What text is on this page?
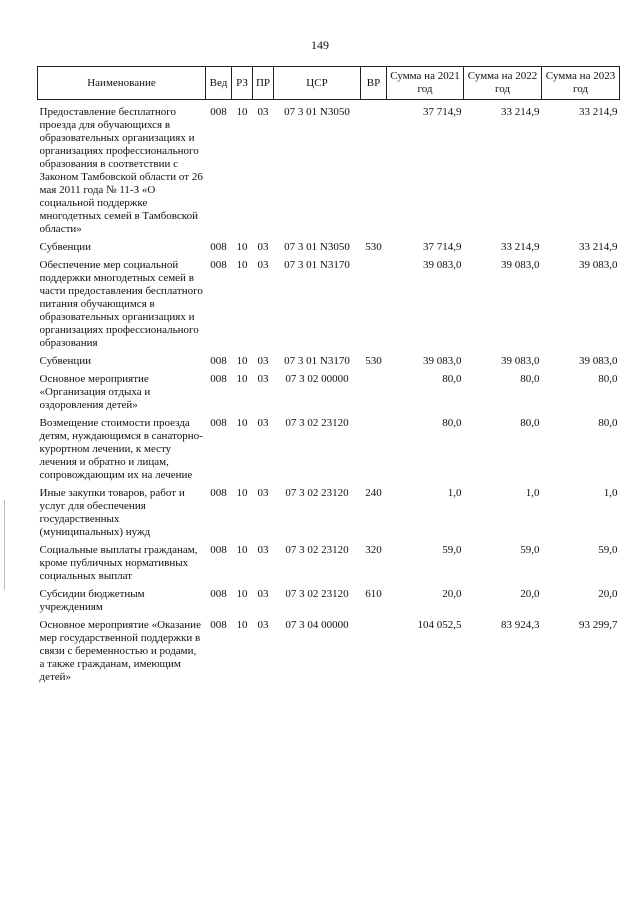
149
Наименование	Вед	РЗ	ПР	ЦСР	ВР	Сумма на 2021 год	Сумма на 2022 год	Сумма на 2023 год

Предоставление бесплатного проезда для обучающихся в образовательных организациях и организациях профессионального образования в соответствии с Законом Тамбовской области от 26 мая 2011 года № 11-З «О социальной поддержке многодетных семей в Тамбовской области»	008	10	03	07 3 01 N3050		37 714,9	33 214,9	33 214,9
Субвенции	008	10	03	07 3 01 N3050	530	37 714,9	33 214,9	33 214,9
Обеспечение мер социальной поддержки многодетных семей в части предоставления бесплатного питания обучающимся в образовательных организациях и организациях профессионального образования	008	10	03	07 3 01 N3170		39 083,0	39 083,0	39 083,0
Субвенции	008	10	03	07 3 01 N3170	530	39 083,0	39 083,0	39 083,0
Основное мероприятие «Организация отдыха и оздоровления детей»	008	10	03	07 3 02 00000		80,0	80,0	80,0
Возмещение стоимости проезда детям, нуждающимся в санаторно-курортном лечении, к месту лечения и обратно и лицам, сопровождающим их на лечение	008	10	03	07 3 02 23120		80,0	80,0	80,0
Иные закупки товаров, работ и услуг для обеспечения государственных (муниципальных) нужд	008	10	03	07 3 02 23120	240	1,0	1,0	1,0
Социальные выплаты гражданам, кроме публичных нормативных социальных выплат	008	10	03	07 3 02 23120	320	59,0	59,0	59,0
Субсидии бюджетным учреждениям	008	10	03	07 3 02 23120	610	20,0	20,0	20,0
Основное мероприятие «Оказание мер государственной поддержки в связи с беременностью и родами, а также гражданам, имеющим детей»	008	10	03	07 3 04 00000		104 052,5	83 924,3	93 299,7
